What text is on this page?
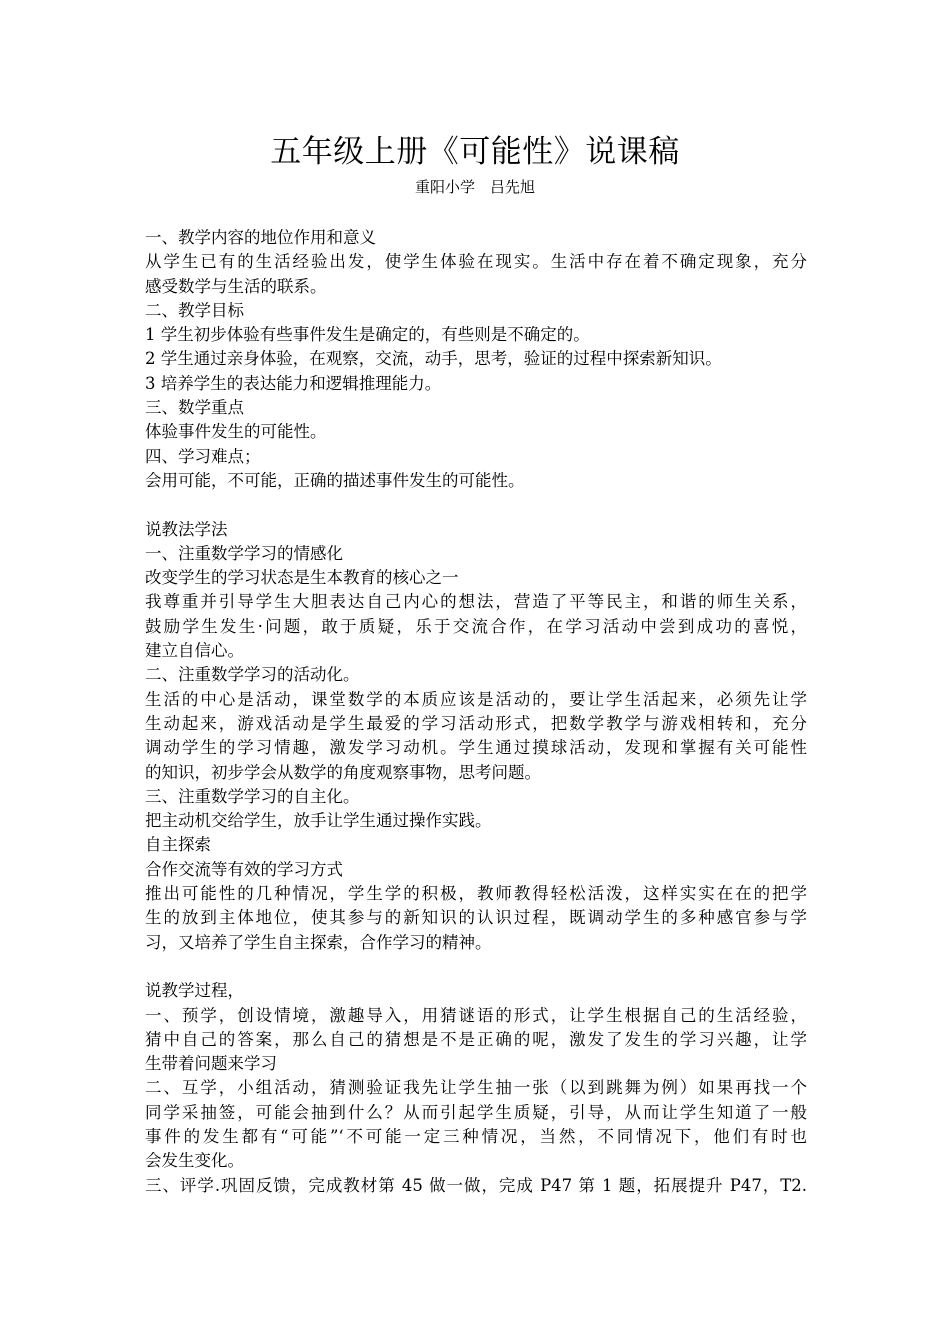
五年级上册《可能性》说课稿
重阳小学　吕先旭
一、教学内容的地位作用和意义
从学生已有的生活经验出发，使学生体验在现实。生活中存在着不确定现象，充分
感受数学与生活的联系。
二、教学目标
1 学生初步体验有些事件发生是确定的，有些则是不确定的。
2 学生通过亲身体验，在观察，交流，动手，思考，验证的过程中探索新知识。
3 培养学生的表达能力和逻辑推理能力。
三、数学重点
体验事件发生的可能性。
四、学习难点；
会用可能，不可能，正确的描述事件发生的可能性。
说教法学法
一、注重数学学习的情感化
改变学生的学习状态是生本教育的核心之一
我尊重并引导学生大胆表达自己内心的想法，营造了平等民主，和谐的师生关系，
鼓励学生发生·问题，敢于质疑，乐于交流合作，在学习活动中尝到成功的喜悦，
建立自信心。
二、注重数学学习的活动化。
生活的中心是活动，课堂数学的本质应该是活动的，要让学生活起来，必须先让学
生动起来，游戏活动是学生最爱的学习活动形式，把数学教学与游戏相转和，充分
调动学生的学习情趣，激发学习动机。学生通过摸球活动，发现和掌握有关可能性
的知识，初步学会从数学的角度观察事物，思考问题。
三、注重数学学习的自主化。
把主动机交给学生，放手让学生通过操作实践。
自主探索
合作交流等有效的学习方式
推出可能性的几种情况，学生学的积极，教师教得轻松活泼，这样实实在在的把学
生的放到主体地位，使其参与的新知识的认识过程，既调动学生的多种感官参与学
习，又培养了学生自主探索，合作学习的精神。
说教学过程，
一、预学，创设情境，激趣导入，用猜谜语的形式，让学生根据自己的生活经验，
猜中自己的答案，那么自己的猜想是不是正确的呢，激发了发生的学习兴趣，让学
生带着问题来学习
二、互学，小组活动，猜测验证我先让学生抽一张（以到跳舞为例）如果再找一个
同学采抽签，可能会抽到什么？从而引起学生质疑，引导，从而让学生知道了一般
事件的发生都有“可能”‘不可能一定三种情况，当然，不同情况下，他们有时也
会发生变化。
三、评学.巩固反馈，完成教材第 45 做一做，完成 P47 第 1 题，拓展提升 P47，T2.
